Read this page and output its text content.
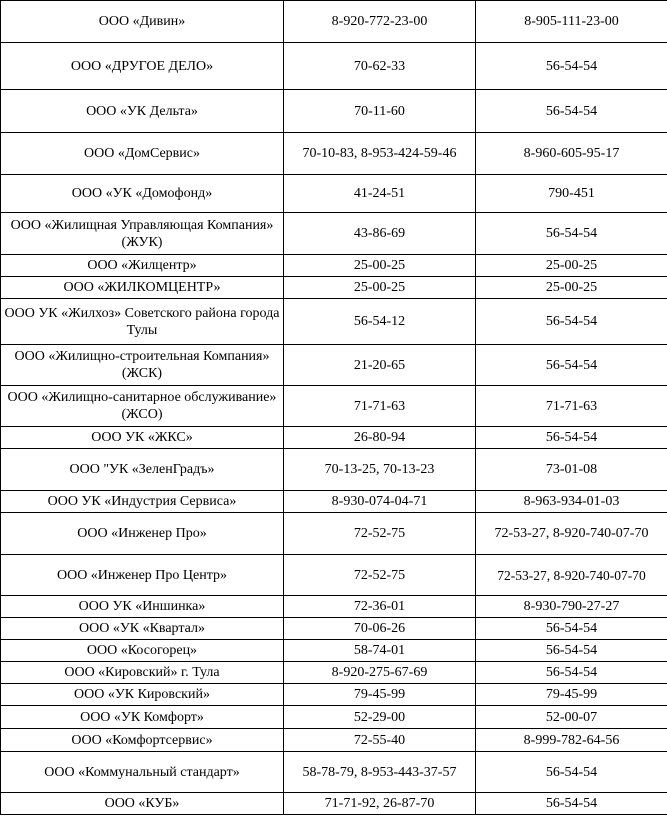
ООО «Дивин»	8-920-772-23-00	8-905-111-23-00
ООО «ДРУГОЕ ДЕЛО»	70-62-33	56-54-54
ООО «УК Дельта»	70-11-60	56-54-54
ООО «ДомСервис»	70-10-83, 8-953-424-59-46	8-960-605-95-17
ООО «УК «Домофонд»	41-24-51	790-451
ООО «Жилищная Управляющая Компания» (ЖУК)	43-86-69	56-54-54
ООО «Жилцентр»	25-00-25	25-00-25
ООО «ЖИЛКОМЦЕНТР»	25-00-25	25-00-25
ООО УК «Жилхоз» Советского района города Тулы	56-54-12	56-54-54
ООО «Жилищно-строительная Компания» (ЖСК)	21-20-65	56-54-54
ООО «Жилищно-санитарное обслуживание» (ЖСО)	71-71-63	71-71-63
ООО УК «ЖКС»	26-80-94	56-54-54
ООО "УК «ЗеленГрадъ»	70-13-25, 70-13-23	73-01-08
ООО УК «Индустрия Сервиса»	8-930-074-04-71	8-963-934-01-03
ООО «Инженер Про»	72-52-75	72-53-27, 8-920-740-07-70
ООО «Инженер Про Центр»	72-52-75	72-53-27, 8-920-740-07-70
ООО УК «Иншинка»	72-36-01	8-930-790-27-27
ООО «УК «Квартал»	70-06-26	56-54-54
ООО «Косогорец»	58-74-01	56-54-54
ООО «Кировский» г. Тула	8-920-275-67-69	56-54-54
ООО «УК Кировский»	79-45-99	79-45-99
ООО «УК Комфорт»	52-29-00	52-00-07
ООО «Комфортсервис»	72-55-40	8-999-782-64-56
ООО «Коммунальный стандарт»	58-78-79, 8-953-443-37-57	56-54-54
ООО «КУБ»	71-71-92, 26-87-70	56-54-54
